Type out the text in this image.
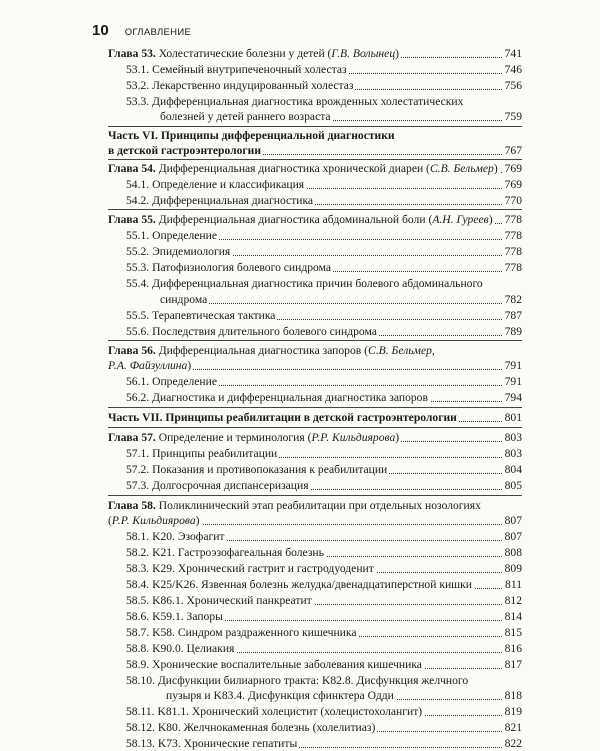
10 ОГЛАВЛЕНИЕ
Глава 53. Холестатические болезни у детей (Г.В. Волынец)	741
53.1. Семейный внутрипеченочный холестаз	746
53.2. Лекарственно индуцированный холестаз	756
53.3. Дифференциальная диагностика врожденных холестатических
болезней у детей раннего возраста	759
Часть VI. Принципы дифференциальной диагностики
в детской гастроэнтерологии	767
Глава 54. Дифференциальная диагностика хронической диареи (С.В. Бельмер) 769
54.1. Определение и классификация	769
54.2. Дифференциальная диагностика	770
Глава 55. Дифференциальная диагностика абдоминальной боли (А.Н. Гуреев) 778
55.1. Определение	778
55.2. Эпидемиология	778
55.3. Патофизиология болевого синдрома	778
55.4. Дифференциальная диагностика причин болевого абдоминального
синдрома	782
55.5. Терапевтическая тактика	787
55.6. Последствия длительного болевого синдрома	789
Глава 56. Дифференциальная диагностика запоров (С.В. Бельмер,
Р.А. Файзуллина)	791
56.1. Определение	791
56.2. Диагностика и дифференциальная диагностика запоров	794
Часть VII. Принципы реабилитации в детской гастроэнтерологии	801
Глава 57. Определение и терминология (Р.Р. Кильдиярова)	803
57.1. Принципы реабилитации	803
57.2. Показания и противопоказания к реабилитации	804
57.3. Долгосрочная диспансеризация	805
Глава 58. Поликлинический этап реабилитации при отдельных нозологиях
(Р.Р. Кильдиярова)	807
58.1. K20. Эзофагит	807
58.2. K21. Гастроэзофагеальная болезнь	808
58.3. K29. Хронический гастрит и гастродуоденит	809
58.4. K25/K26. Язвенная болезнь желудка/двенадцатиперстной кишки	811
58.5. K86.1. Хронический панкреатит	812
58.6. K59.1. Запоры	814
58.7. K58. Синдром раздраженного кишечника	815
58.8. K90.0. Целиакия	816
58.9. Хронические воспалительные заболевания кишечника	817
58.10. Дисфункции билиарного тракта: K82.8. Дисфункция желчного
пузыря и K83.4. Дисфункция сфинктера Одди	818
58.11. K81.1. Хронический холецистит (холецистохолангит)	819
58.12. K80. Желчнокаменная болезнь (холелитиаз)	821
58.13. K73. Хронические гепатиты	822
